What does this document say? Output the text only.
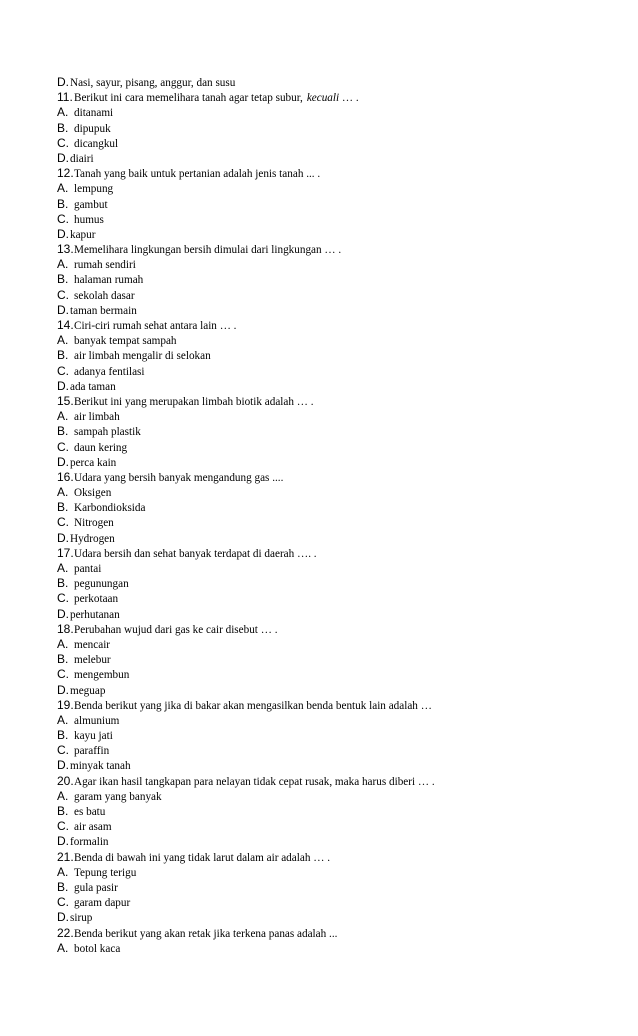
D.Nasi, sayur, pisang, anggur, dan susu
11.Berikut ini cara memelihara tanah agar tetap subur, kecuali … .
A. ditanami
B. dipupuk
C. dicangkul
D.diairi
12.Tanah yang baik untuk pertanian adalah jenis tanah ... .
A. lempung
B. gambut
C. humus
D.kapur
13.Memelihara lingkungan bersih dimulai dari lingkungan … .
A. rumah sendiri
B. halaman rumah
C. sekolah dasar
D.taman bermain
14.Ciri-ciri rumah sehat antara lain … .
A. banyak tempat sampah
B. air limbah mengalir di selokan
C. adanya fentilasi
D.ada taman
15.Berikut ini yang merupakan limbah biotik adalah … .
A. air limbah
B. sampah plastik
C. daun kering
D.perca kain
16.Udara yang bersih banyak mengandung gas ....
A. Oksigen
B. Karbondioksida
C. Nitrogen
D.Hydrogen
17.Udara bersih dan sehat banyak terdapat di daerah …. .
A. pantai
B. pegunungan
C. perkotaan
D.perhutanan
18.Perubahan wujud dari gas ke cair disebut … .
A. mencair
B. melebur
C. mengembun
D.meguap
19.Benda berikut yang jika di bakar akan mengasilkan benda bentuk lain adalah …
A. almunium
B. kayu jati
C. paraffin
D.minyak tanah
20.Agar ikan hasil tangkapan para nelayan tidak cepat rusak, maka harus diberi … .
A. garam yang banyak
B. es batu
C. air asam
D.formalin
21.Benda di bawah ini yang tidak larut dalam air adalah … .
A. Tepung terigu
B. gula pasir
C. garam dapur
D.sirup
22.Benda berikut yang akan retak jika terkena panas adalah ...
A. botol kaca
